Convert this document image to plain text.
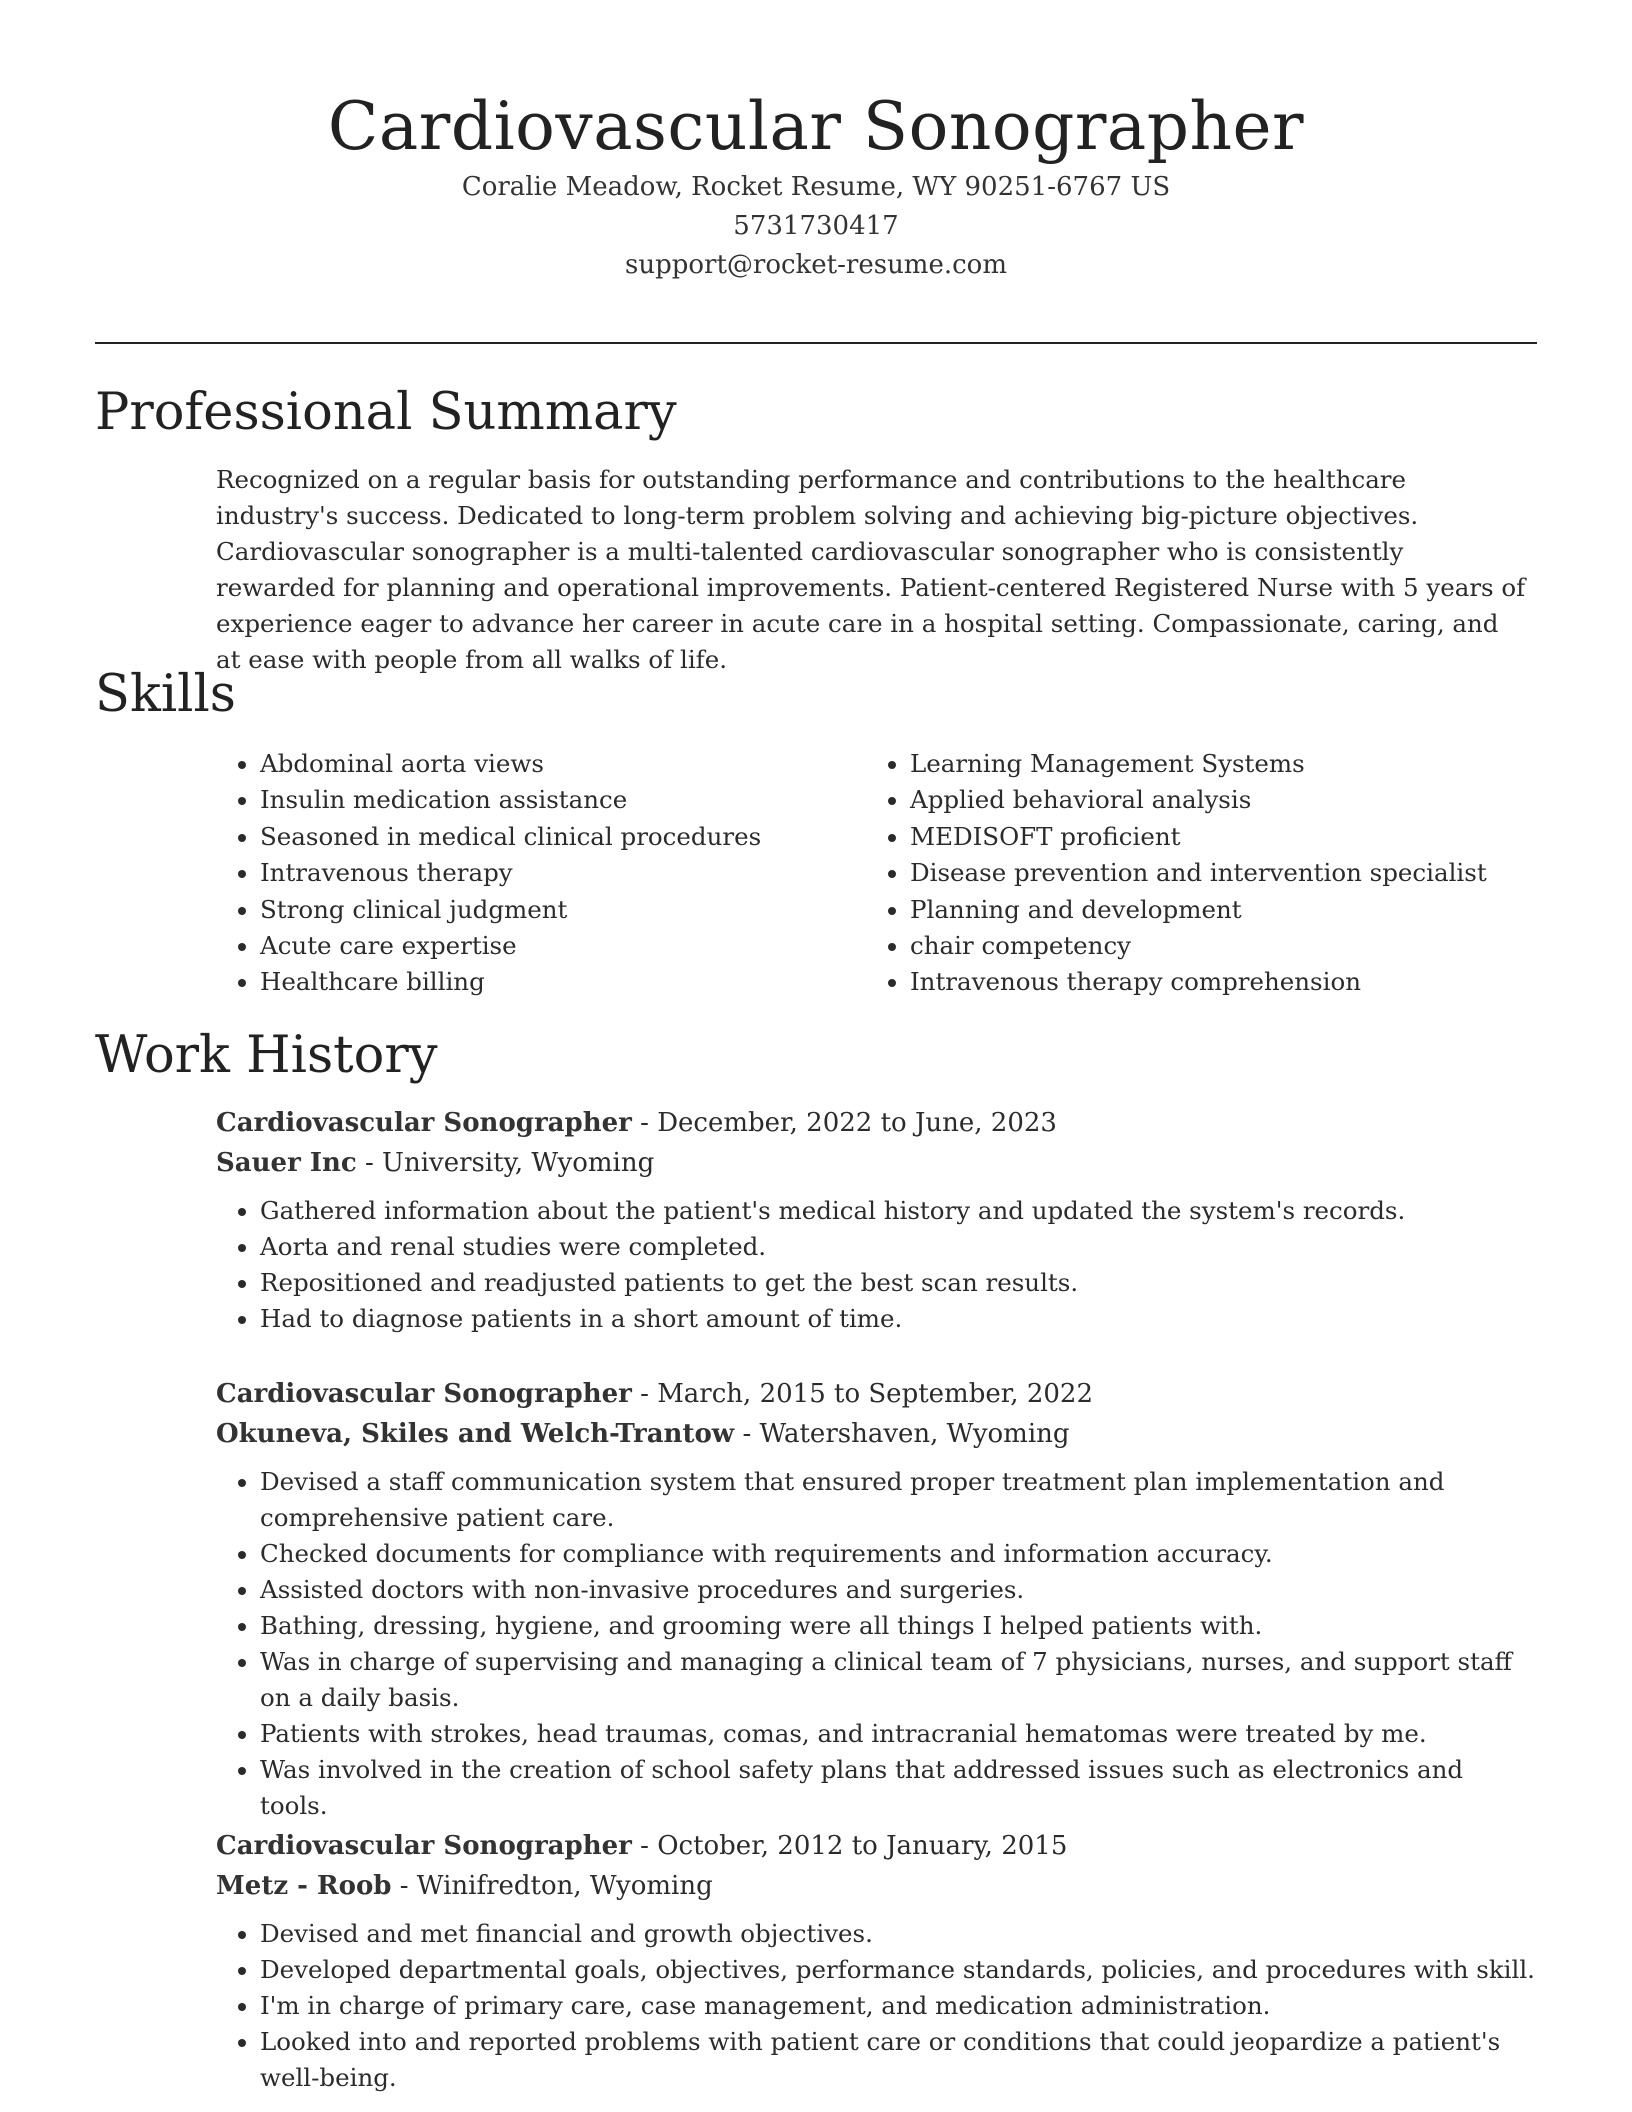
Cardiovascular Sonographer
Coralie Meadow, Rocket Resume, WY 90251-6767 US
5731730417
support@rocket-resume.com
Professional Summary

Recognized on a regular basis for outstanding performance and contributions to the healthcare industry's success. Dedicated to long-term problem solving and achieving big-picture objectives. Cardiovascular sonographer is a multi-talented cardiovascular sonographer who is consistently rewarded for planning and operational improvements. Patient-centered Registered Nurse with 5 years of experience eager to advance her career in acute care in a hospital setting. Compassionate, caring, and at ease with people from all walks of life.

Skills
• Abdominal aorta views
• Insulin medication assistance
• Seasoned in medical clinical procedures
• Intravenous therapy
• Strong clinical judgment
• Acute care expertise
• Healthcare billing
• Learning Management Systems
• Applied behavioral analysis
• MEDISOFT proficient
• Disease prevention and intervention specialist
• Planning and development
• chair competency
• Intravenous therapy comprehension
Work History
Cardiovascular Sonographer - December, 2022 to June, 2023
Sauer Inc - University, Wyoming
• Gathered information about the patient's medical history and updated the system's records.
• Aorta and renal studies were completed.
• Repositioned and readjusted patients to get the best scan results.
• Had to diagnose patients in a short amount of time.
Cardiovascular Sonographer - March, 2015 to September, 2022
Okuneva, Skiles and Welch-Trantow - Watershaven, Wyoming
• Devised a staff communication system that ensured proper treatment plan implementation and comprehensive patient care.
• Checked documents for compliance with requirements and information accuracy.
• Assisted doctors with non-invasive procedures and surgeries.
• Bathing, dressing, hygiene, and grooming were all things I helped patients with.
• Was in charge of supervising and managing a clinical team of 7 physicians, nurses, and support staff on a daily basis.
• Patients with strokes, head traumas, comas, and intracranial hematomas were treated by me.
• Was involved in the creation of school safety plans that addressed issues such as electronics and tools.
Cardiovascular Sonographer - October, 2012 to January, 2015
Metz - Roob - Winifredton, Wyoming
• Devised and met financial and growth objectives.
• Developed departmental goals, objectives, performance standards, policies, and procedures with skill.
• I'm in charge of primary care, case management, and medication administration.
• Looked into and reported problems with patient care or conditions that could jeopardize a patient's well-being.
